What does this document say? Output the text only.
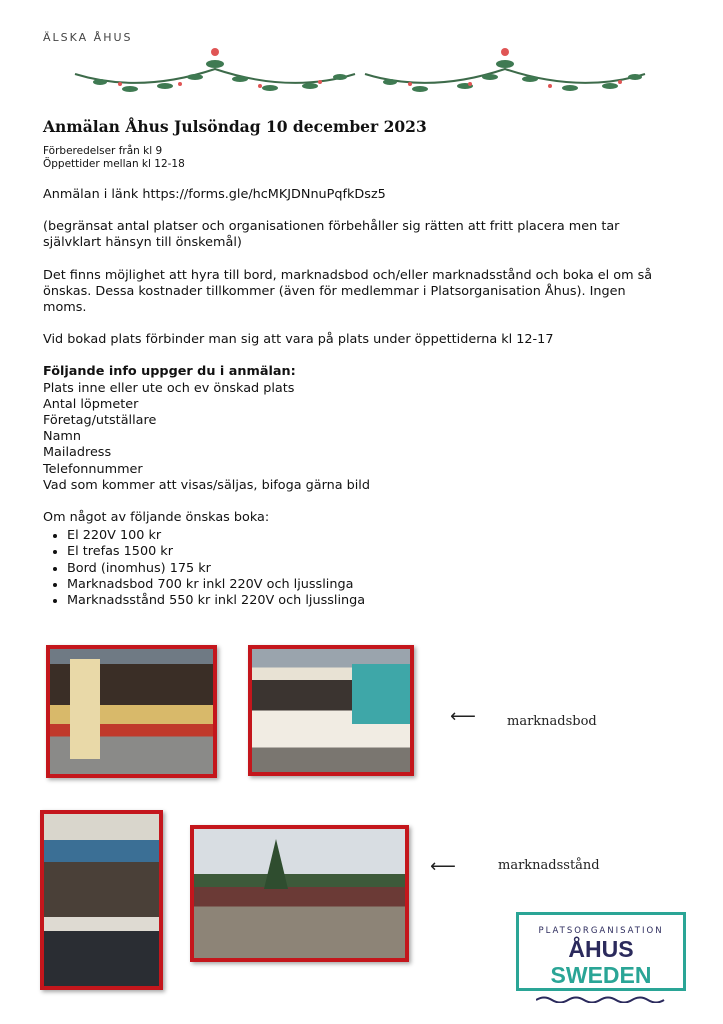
ÄLSKA ÅHUS
Anmälan Åhus Julsöndag 10 december 2023
Förberedelser från kl 9
Öppettider mellan kl 12-18

Anmälan i länk https://forms.gle/hcMKJDNnuPqfkDsz5

(begränsat antal platser och organisationen förbehåller sig rätten att fritt placera men tar självklart hänsyn till önskemål)

Det finns möjlighet att hyra till bord, marknadsbod och/eller marknadsstånd och boka el om så önskas. Dessa kostnader tillkommer (även för medlemmar i Platsorganisation Åhus). Ingen moms.

Vid bokad plats förbinder man sig att vara på plats under öppettiderna kl 12-17

Följande info uppger du i anmälan:

Plats inne eller ute och ev önskad plats
Antal löpmeter
Företag/utställare
Namn
Mailadress
Telefonnummer
Vad som kommer att visas/säljas, bifoga gärna bild

Om något av följande önskas boka:

• El 220V 100 kr
• El trefas 1500 kr
• Bord (inomhus) 175 kr
• Marknadsbod 700 kr inkl 220V och ljusslinga
• Marknadsstånd 550 kr inkl 220V och ljusslinga
⟵ marknadsbod
⟵	marknadsstånd
PLATSORGANISATION
ÅHUS SWEDEN
